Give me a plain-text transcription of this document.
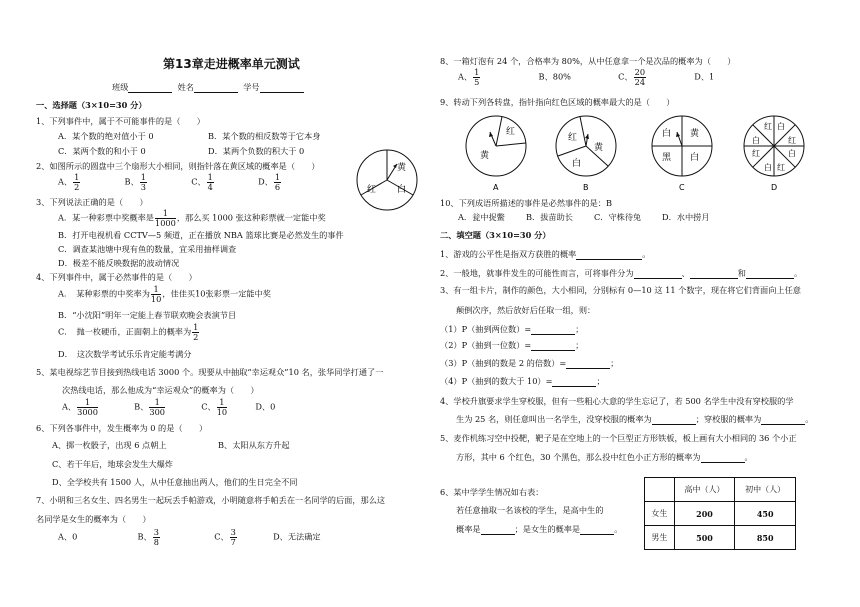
第13章走进概率单元测试
班级	姓名	学号
一、选择题（3×10=30 分）
1、下列事件中，属于不可能事件的是（　　）
A．某个数的绝对值小于 0	B．某个数的相反数等于它本身
C．某两个数的和小于 0	D．某两个负数的积大于 0
2、如图所示的圆盘中三个扇形大小相同，则指针落在黄区域的概率是（　　）
A、 $\frac{1}{2}$	B、 $\frac{1}{3}$	C、 $\frac{1}{4}$	D、 $\frac{1}{6}$
黄
红 白
3、下列说法正确的是（　　）
A．某一种彩票中奖概率是 $\frac{1}{1000}$ ，那么买 1000 张这种彩票就一定能中奖
B．打开电视机看 CCTV—5 频道，正在播放 NBA 篮球比赛是必然发生的事件
C．调查某池塘中现有鱼的数量，宜采用抽样调查
D．极差不能反映数据的波动情况
4、下列事件中，属于必然事件的是（　　）
A．　某种彩票的中奖率为 $\frac{1}{10}$ ，佳佳买10张彩票一定能中奖
B．“小沈阳”明年一定能上春节联欢晚会表演节目
C．　抛一枚硬币，正面朝上的概率为 $\frac{1}{2}$
D．　这次数学考试乐乐肯定能考满分
5、某电视综艺节目接到热线电话 3000 个。现要从中抽取“幸运观众”10 名，张华同学打通了一
次热线电话，那么他成为“幸运观众”的概率为（　　）
A、 $\frac{1}{3000}$	B、 $\frac{1}{300}$	C、 $\frac{1}{10}$	D、0
6、下列各事件中，发生概率为 0 的是（　　）
A、掷一枚骰子，出现 6 点朝上	B、太阳从东方升起
C、若干年后，地球会发生大爆炸
D、全学校共有 1500 人，从中任意抽出两人，他们的生日完全不同
7、小明和三名女生、四名男生一起玩丢手帕游戏，小明随意将手帕丢在一名同学的后面，那么这
名同学是女生的概率为（　　）
A、0	B、 $\frac{3}{8}$	C、 $\frac{3}{7}$	D、无法确定
8、一箱灯泡有 24 个，合格率为 80%，从中任意拿一个是次品的概率为（　　）
A、 $\frac{1}{5}$	B、80%	C、 $\frac{20}{24}$	D、1
9、转动下列各转盘，指针指向红色区域的概率最大的是（　　）
红
黄
A
红
黄
白
B
白 黄
黑 白
C
红 白
红
白
红
白
红
白
D
10、下列成语所描述的事件是必然事件的是：B
A．瓮中捉鳖	B．拔苗助长	C．守株待兔	D．水中捞月
二、填空题（3×10=30 分）
1、游戏的公平性是指双方获胜的概率	。
2、一般地，就事件发生的可能性而言，可将事件分为	、	和	。
3、有一组卡片，制作的颜色，大小相同，分别标有 0—10 这 11 个数字，现在将它们背面向上任意
颠倒次序，然后放好后任取一组，则：
（1）P（抽到两位数）=	；
（2）P（抽到一位数）=	；
（3）P（抽到的数是 2 的倍数）=	；
（4）P（抽到的数大于 10）=	；
4、学校升旗要求学生穿校服，但有一些粗心大意的学生忘记了，若 500 名学生中没有穿校服的学
生为 25 名，则任意叫出一名学生，没穿校服的概率为	；穿校服的概率为	。
5、麦作机练习空中投靶，靶子是在空地上的一个巨型正方形铁板，板上画有大小相同的 36 个小正
方形，其中 6 个红色，30 个黑色，那么投中红色小正方形的概率为	。
6、某中学学生情况如右表：
若任意抽取一名该校的学生，是高中生的
概率是	；是女生的概率是	。
	高中（人）	初中（人）
女生	200	450
男生	500	850
